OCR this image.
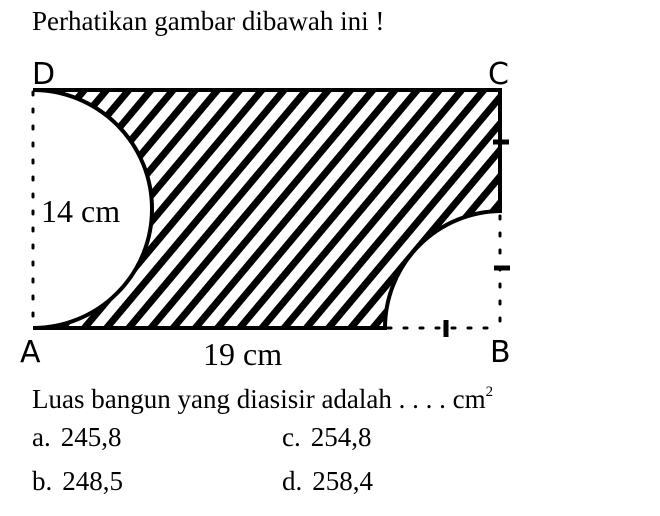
Perhatikan gambar dibawah ini !
D	C
A	B
14 cm
19 cm
Luas bangun yang diasisir adalah . . . . $cm^2$
a. 245,8
b. 248,5
c. 254,8
d. 258,4
